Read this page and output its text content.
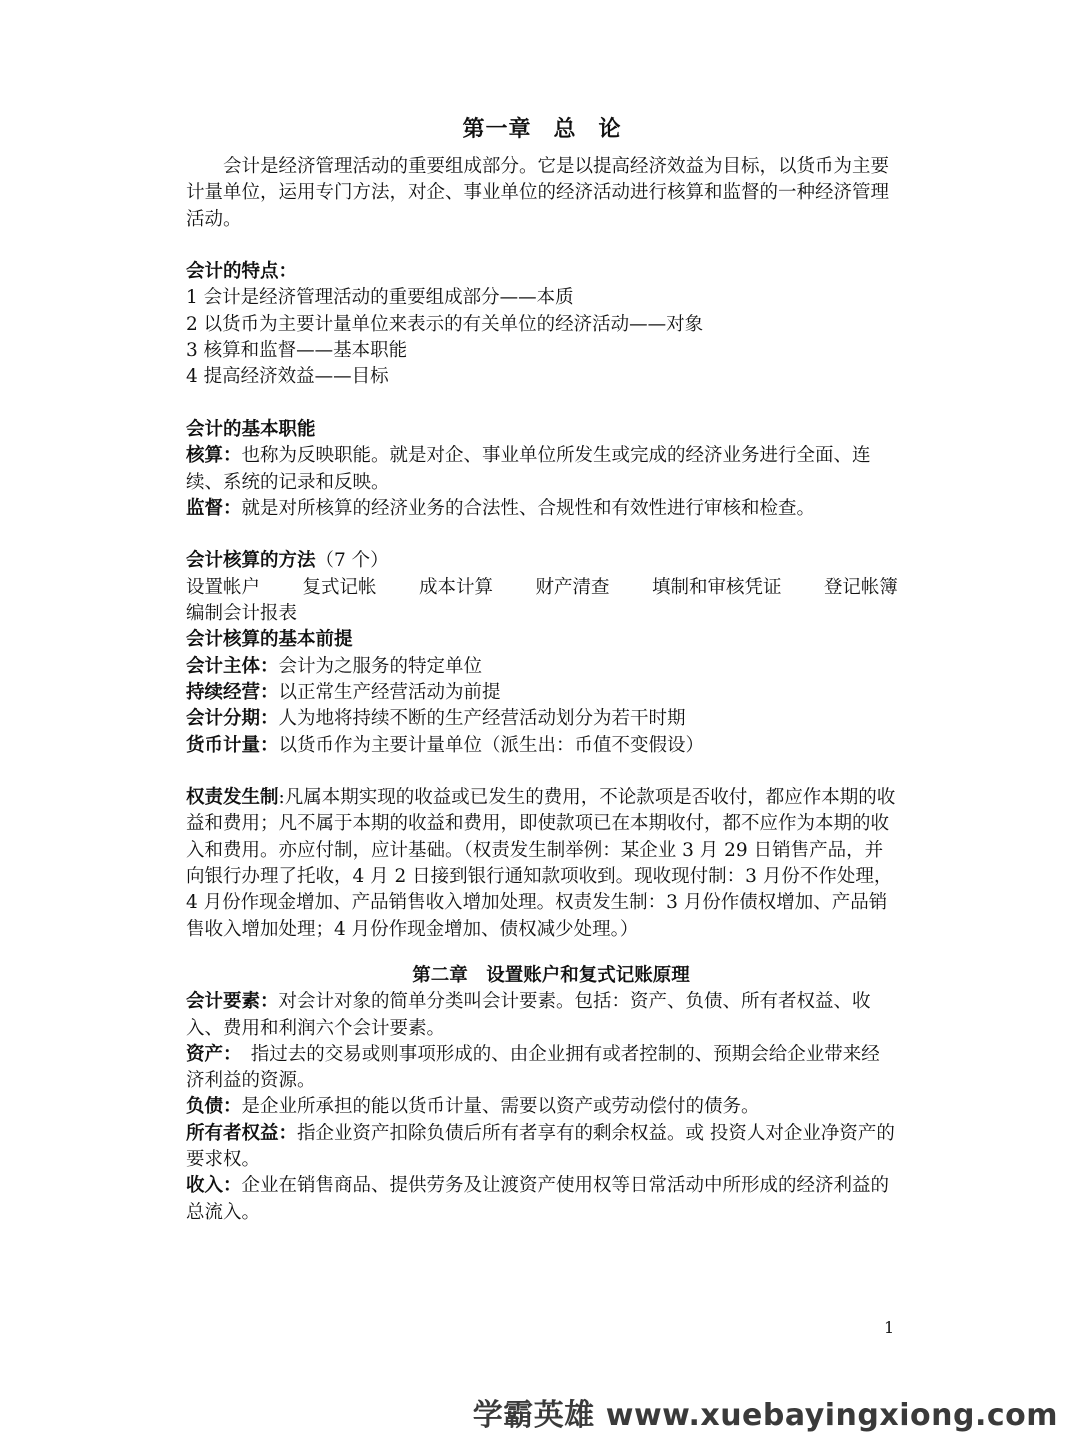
第一章 总 论

会计是经济管理活动的重要组成部分。它是以提高经济效益为目标，以货币为主要计量单位，运用专门方法，对企、事业单位的经济活动进行核算和监督的一种经济管理活动。

会计的特点：

1 会计是经济管理活动的重要组成部分——本质

2 以货币为主要计量单位来表示的有关单位的经济活动——对象

3 核算和监督——基本职能

4 提高经济效益——目标

会计的基本职能

核算：也称为反映职能。就是对企、事业单位所发生或完成的经济业务进行全面、连续、系统的记录和反映。

监督：就是对所核算的经济业务的合法性、合规性和有效性进行审核和检查。

会计核算的方法（7 个）

设置帐户 复式记帐 成本计算 财产清查 填制和审核凭证 登记帐簿

编制会计报表

会计核算的基本前提

会计主体：会计为之服务的特定单位

持续经营：以正常生产经营活动为前提

会计分期：人为地将持续不断的生产经营活动划分为若干时期

货币计量：以货币作为主要计量单位（派生出：币值不变假设）

权责发生制:凡属本期实现的收益或已发生的费用，不论款项是否收付，都应作本期的收益和费用；凡不属于本期的收益和费用，即使款项已在本期收付，都不应作为本期的收入和费用。亦应付制，应计基础。（权责发生制举例：某企业 3 月 29 日销售产品，并向银行办理了托收，4 月 2 日接到银行通知款项收到。现收现付制：3 月份不作处理，4 月份作现金增加、产品销售收入增加处理。权责发生制：3 月份作债权增加、产品销售收入增加处理；4 月份作现金增加、债权减少处理。）

第二章　设置账户和复式记账原理

会计要素：对会计对象的简单分类叫会计要素。包括：资产、负债、所有者权益、收入、费用和利润六个会计要素。

资产：　指过去的交易或则事项形成的、由企业拥有或者控制的、预期会给企业带来经济利益的资源。

负债：是企业所承担的能以货币计量、需要以资产或劳动偿付的债务。

所有者权益：指企业资产扣除负债后所有者享有的剩余权益。或 投资人对企业净资产的要求权。

收入：企业在销售商品、提供劳务及让渡资产使用权等日常活动中所形成的经济利益的总流入。

1
学霸英雄 www.xuebayingxiong.com
